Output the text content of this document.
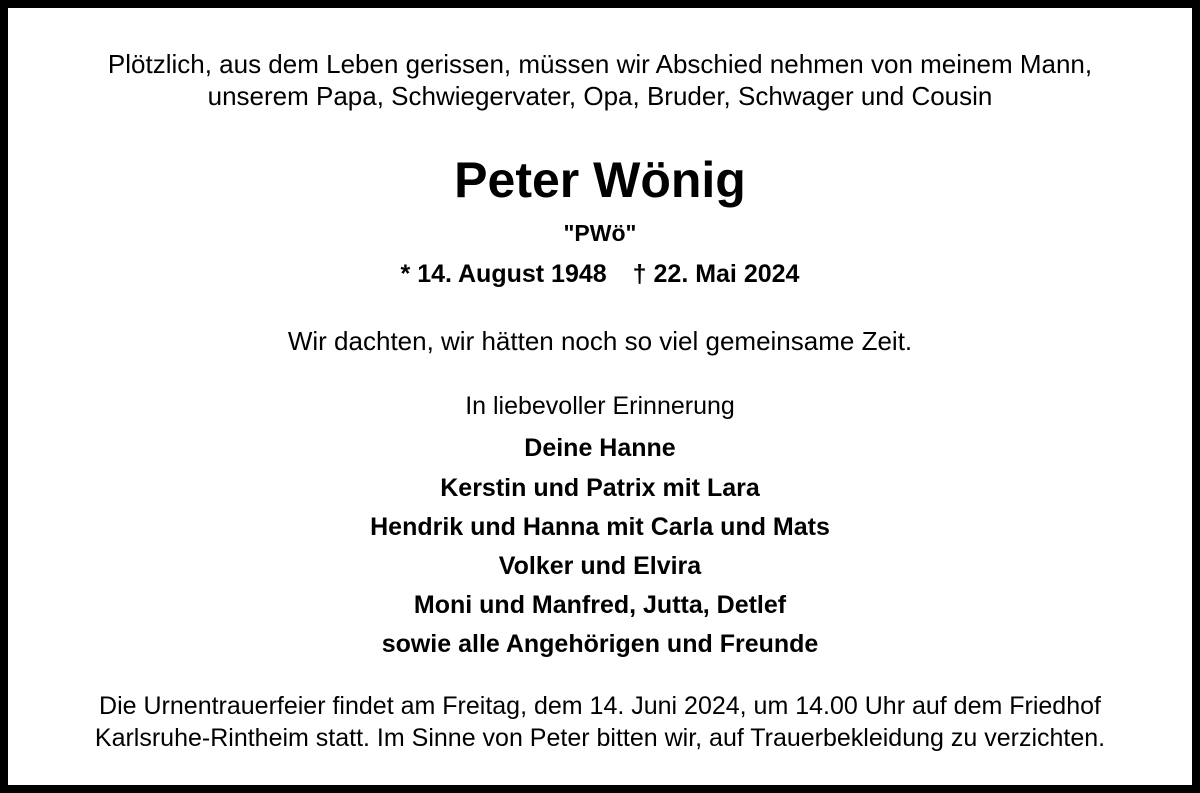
Plötzlich, aus dem Leben gerissen, müssen wir Abschied nehmen von meinem Mann,
unserem Papa, Schwiegervater, Opa, Bruder, Schwager und Cousin
Peter Wönig
"PWö"
* 14. August 1948 † 22. Mai 2024
Wir dachten, wir hätten noch so viel gemeinsame Zeit.
In liebevoller Erinnerung
Deine Hanne
Kerstin und Patrix mit Lara
Hendrik und Hanna mit Carla und Mats
Volker und Elvira
Moni und Manfred, Jutta, Detlef
sowie alle Angehörigen und Freunde
Die Urnentrauerfeier findet am Freitag, dem 14. Juni 2024, um 14.00 Uhr auf dem Friedhof
Karlsruhe-Rintheim statt. Im Sinne von Peter bitten wir, auf Trauerbekleidung zu verzichten.
